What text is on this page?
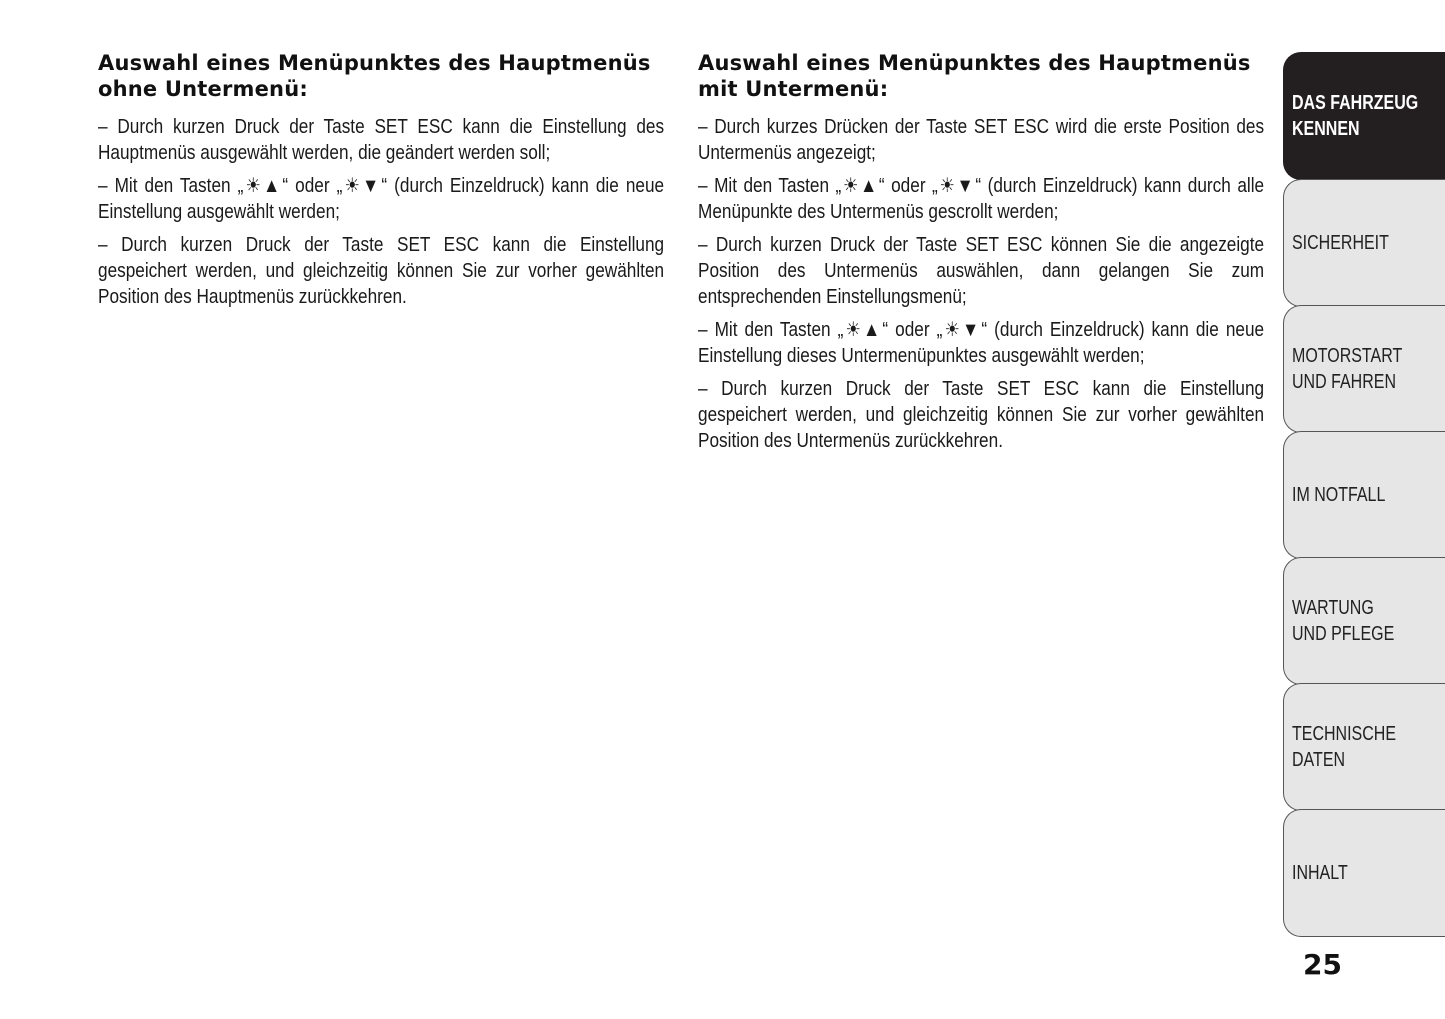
Auswahl eines Menüpunktes des Hauptmenüs ohne Untermenü:

– Durch kurzen Druck der Taste SET ESC kann die Einstellung des Hauptmenüs ausgewählt werden, die geändert werden soll;

– Mit den Tasten „☀▲“ oder „☀▼“ (durch Einzeldruck) kann die neue Einstellung ausgewählt werden;

– Durch kurzen Druck der Taste SET ESC kann die Einstellung gespeichert werden, und gleichzeitig können Sie zur vorher gewählten Position des Hauptmenüs zurückkehren.

Auswahl eines Menüpunktes des Hauptmenüs mit Untermenü:

– Durch kurzes Drücken der Taste SET ESC wird die erste Position des Untermenüs angezeigt;

– Mit den Tasten „☀▲“ oder „☀▼“ (durch Einzeldruck) kann durch alle Menüpunkte des Untermenüs gescrollt werden;

– Durch kurzen Druck der Taste SET ESC können Sie die angezeigte Position des Untermenüs auswählen, dann gelangen Sie zum entsprechenden Einstellungsmenü;

– Mit den Tasten „☀▲“ oder „☀▼“ (durch Einzeldruck) kann die neue Einstellung dieses Untermenüpunktes ausgewählt werden;

– Durch kurzen Druck der Taste SET ESC kann die Einstellung gespeichert werden, und gleichzeitig können Sie zur vorher gewählten Position des Untermenüs zurückkehren.

DAS FAHRZEUG
KENNEN
SICHERHEIT
MOTORSTART
UND FAHREN
IM NOTFALL
WARTUNG
UND PFLEGE
TECHNISCHE
DATEN
INHALT
25
